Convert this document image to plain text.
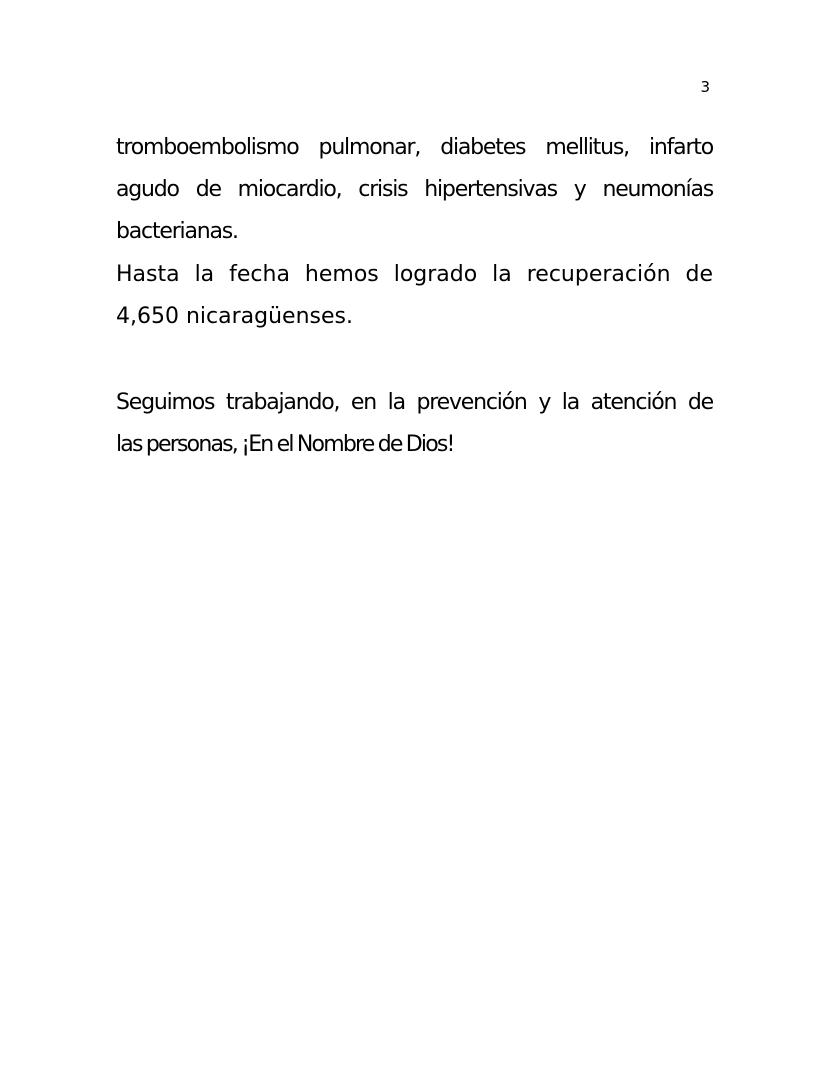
3
tromboembolismo pulmonar, diabetes mellitus, infarto
agudo de miocardio, crisis hipertensivas y neumonías
bacterianas.
Hasta la fecha hemos logrado la recuperación de
4,650 nicaragüenses.
Seguimos trabajando, en la prevención y la atención de
las personas, ¡En el Nombre de Dios!
